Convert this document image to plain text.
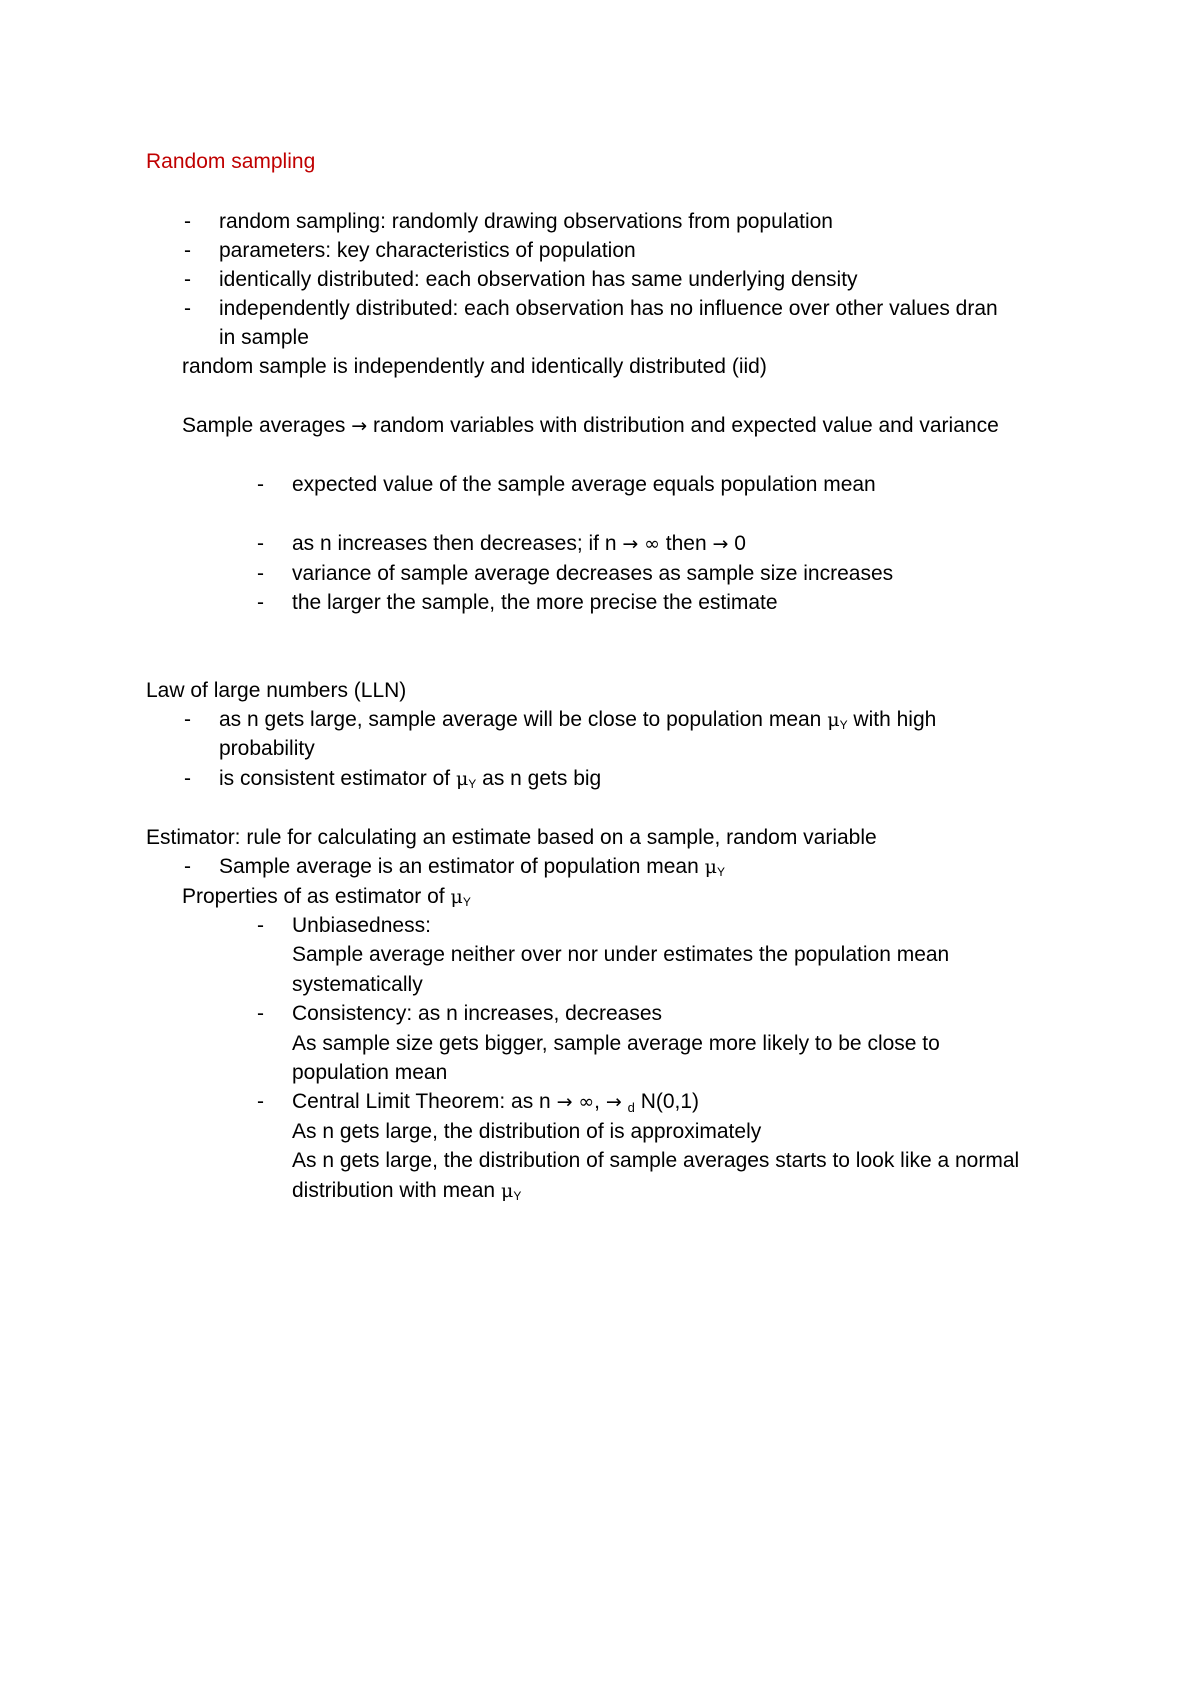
Random sampling
- random sampling: randomly drawing observations from population
- parameters: key characteristics of population
- identically distributed: each observation has same underlying density
- independently distributed: each observation has no influence over other values dran
in sample
random sample is independently and identically distributed (iid)
Sample averages → random variables with distribution and expected value and variance
- expected value of the sample average equals population mean
- as n increases then decreases; if n → ∞ then → 0
- variance of sample average decreases as sample size increases
- the larger the sample, the more precise the estimate
Law of large numbers (LLN)
- as n gets large, sample average will be close to population mean $\mu_Y$ with high
probability
- is consistent estimator of $\mu_Y$ as n gets big
Estimator: rule for calculating an estimate based on a sample, random variable
- Sample average is an estimator of population mean $\mu_Y$
Properties of as estimator of $\mu_Y$
- Unbiasedness:
Sample average neither over nor under estimates the population mean
systematically
- Consistency: as n increases, decreases
As sample size gets bigger, sample average more likely to be close to
population mean
- Central Limit Theorem: as n → ∞, → d N(0,1)
As n gets large, the distribution of is approximately
As n gets large, the distribution of sample averages starts to look like a normal
distribution with mean $\mu_Y$
